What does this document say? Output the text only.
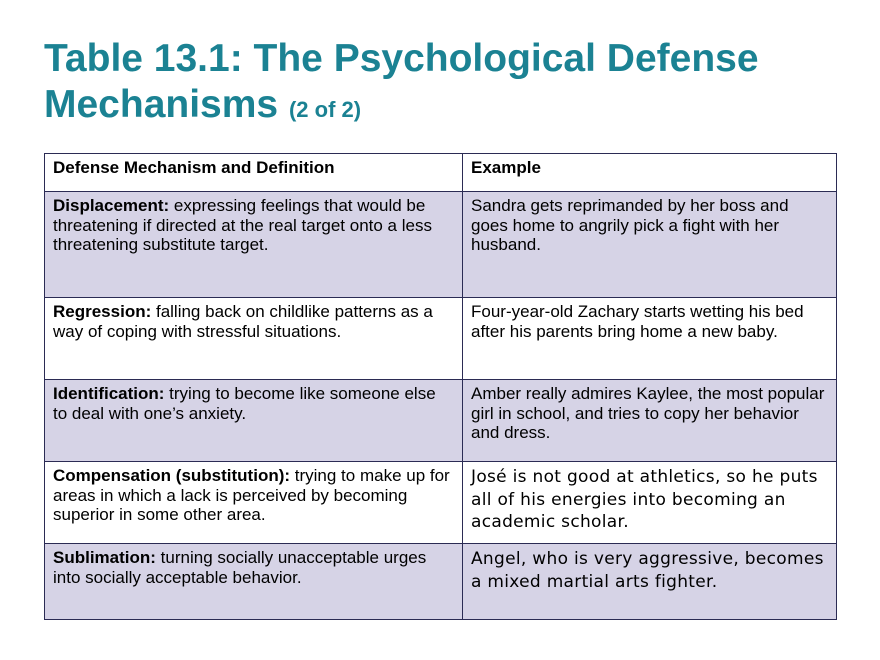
Table 13.1: The Psychological Defense Mechanisms (2 of 2)
Defense Mechanism and Definition	Example
Displacement: expressing feelings that would be threatening if directed at the real target onto a less threatening substitute target.	Sandra gets reprimanded by her boss and goes home to angrily pick a fight with her husband.
Regression: falling back on childlike patterns as a way of coping with stressful situations.	Four-year-old Zachary starts wetting his bed after his parents bring home a new baby.
Identification: trying to become like someone else to deal with one’s anxiety.	Amber really admires Kaylee, the most popular girl in school, and tries to copy her behavior and dress.
Compensation (substitution): trying to make up for areas in which a lack is perceived by becoming superior in some other area.	José is not good at athletics, so he puts all of his energies into becoming an academic scholar.
Sublimation: turning socially unacceptable urges into socially acceptable behavior.	Angel, who is very aggressive, becomes a mixed martial arts fighter.
